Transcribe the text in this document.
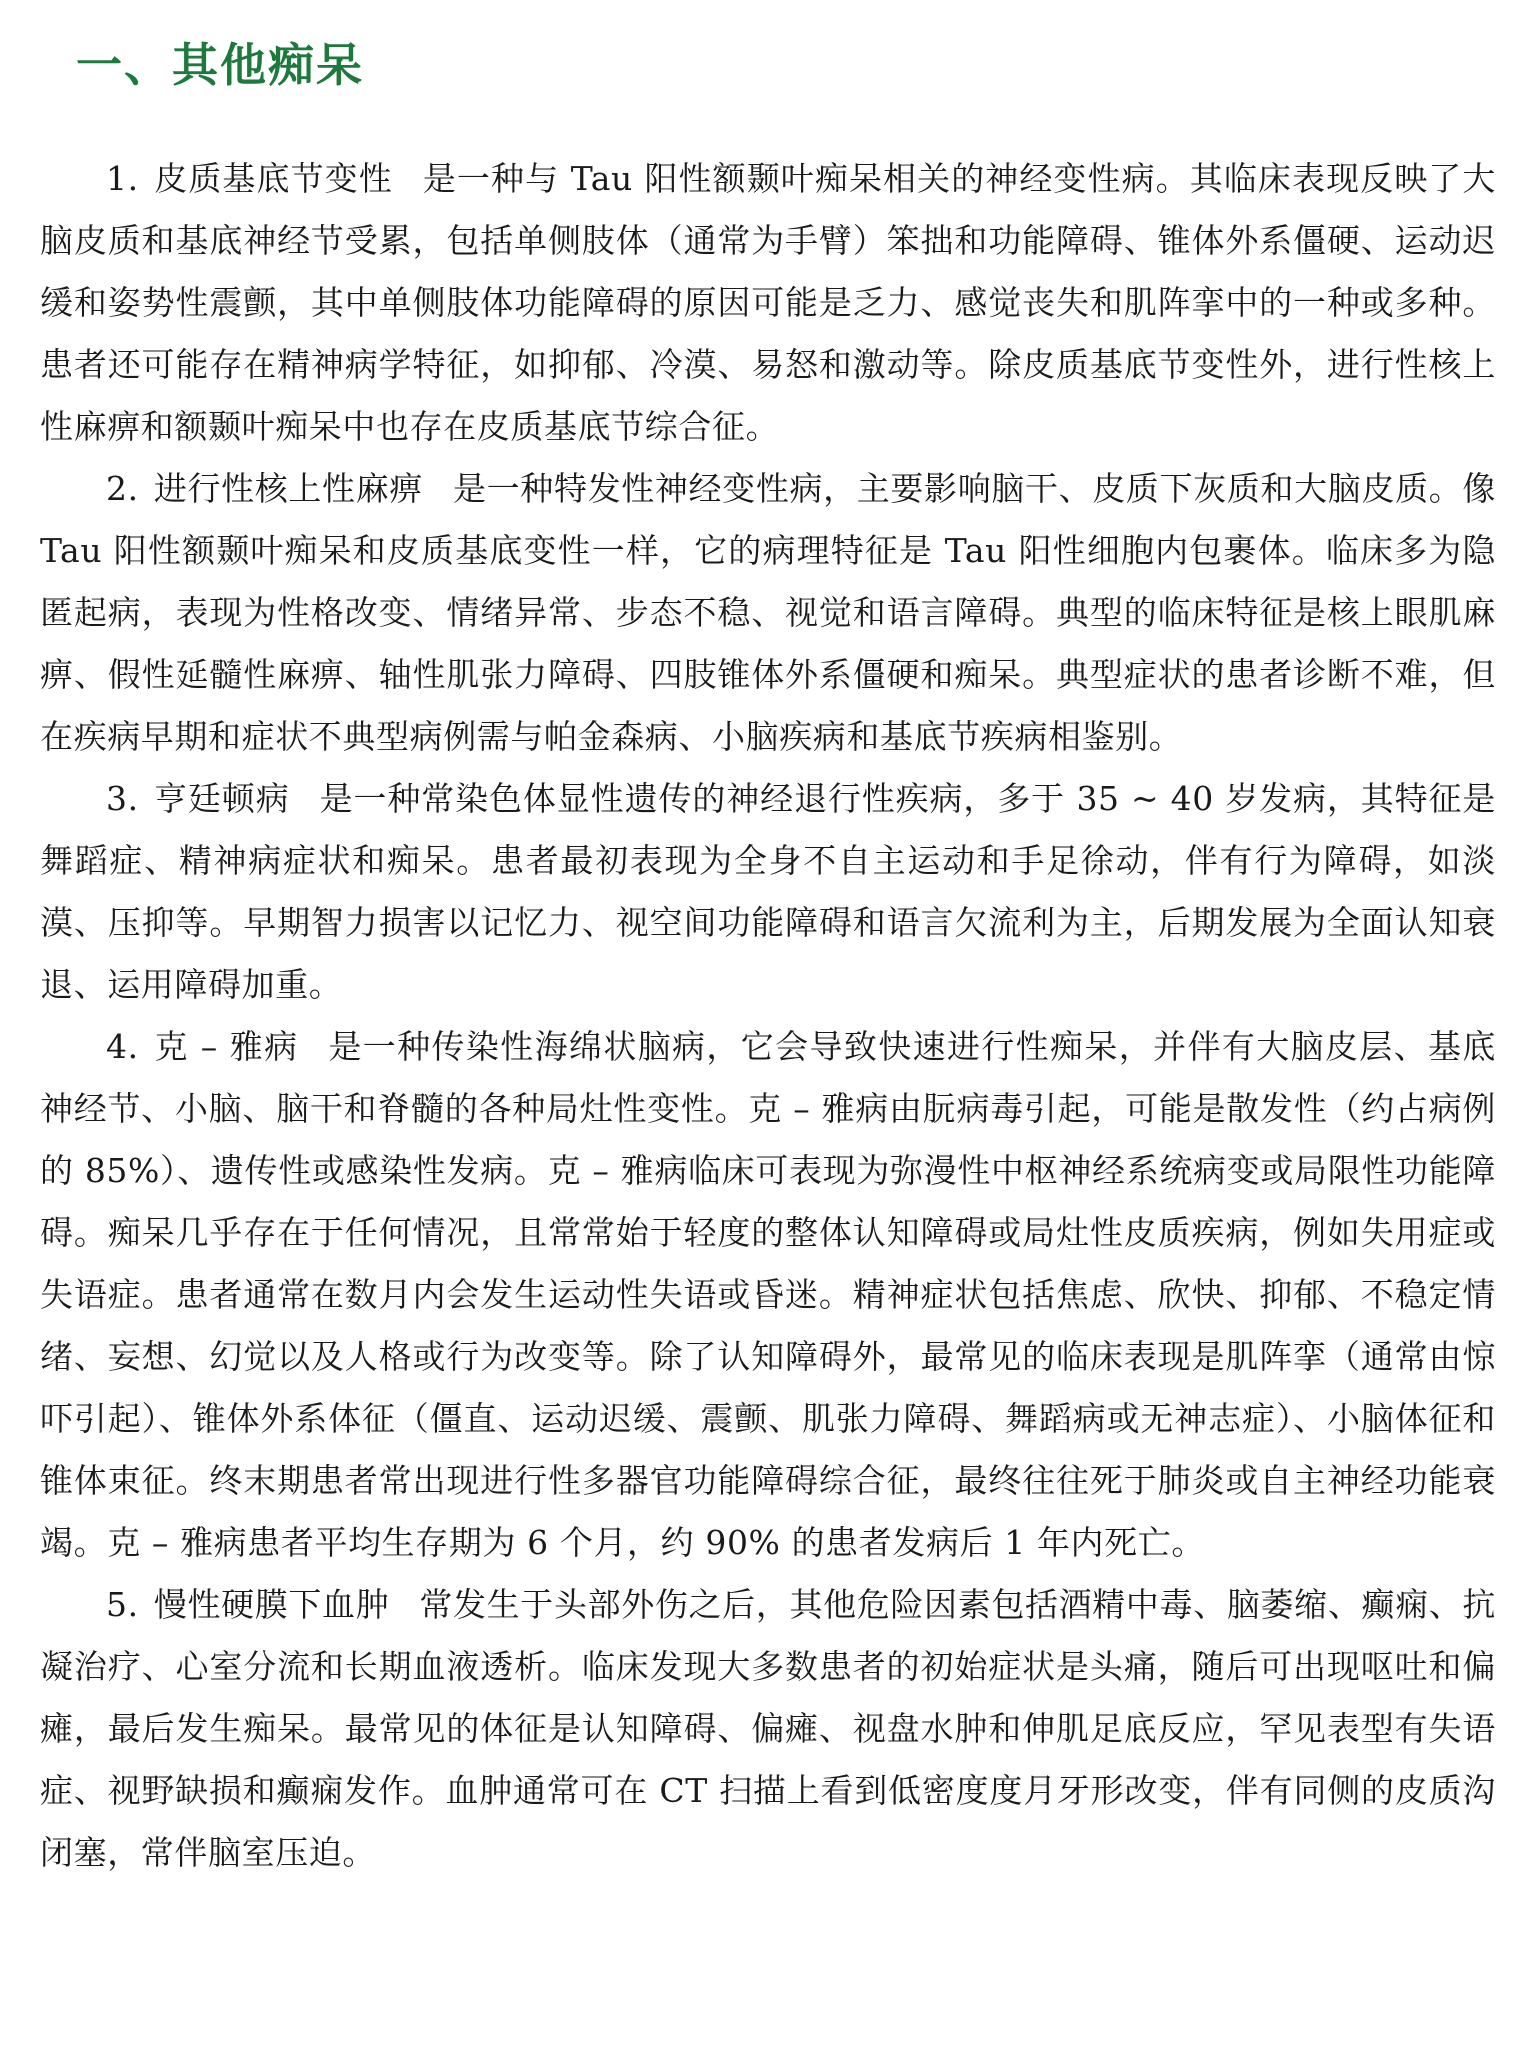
一、其他痴呆

1. 皮质基底节变性 是一种与 Tau 阳性额颞叶痴呆相关的神经变性病。其临床表现反映了大脑皮质和基底神经节受累，包括单侧肢体（通常为手臂）笨拙和功能障碍、锥体外系僵硬、运动迟缓和姿势性震颤，其中单侧肢体功能障碍的原因可能是乏力、感觉丧失和肌阵挛中的一种或多种。患者还可能存在精神病学特征，如抑郁、冷漠、易怒和激动等。除皮质基底节变性外，进行性核上性麻痹和额颞叶痴呆中也存在皮质基底节综合征。

2. 进行性核上性麻痹 是一种特发性神经变性病，主要影响脑干、皮质下灰质和大脑皮质。像 Tau 阳性额颞叶痴呆和皮质基底变性一样，它的病理特征是 Tau 阳性细胞内包裹体。临床多为隐匿起病，表现为性格改变、情绪异常、步态不稳、视觉和语言障碍。典型的临床特征是核上眼肌麻痹、假性延髓性麻痹、轴性肌张力障碍、四肢锥体外系僵硬和痴呆。典型症状的患者诊断不难，但在疾病早期和症状不典型病例需与帕金森病、小脑疾病和基底节疾病相鉴别。

3. 亨廷顿病 是一种常染色体显性遗传的神经退行性疾病，多于 35 ~ 40 岁发病，其特征是舞蹈症、精神病症状和痴呆。患者最初表现为全身不自主运动和手足徐动，伴有行为障碍，如淡漠、压抑等。早期智力损害以记忆力、视空间功能障碍和语言欠流利为主，后期发展为全面认知衰退、运用障碍加重。

4. 克 – 雅病 是一种传染性海绵状脑病，它会导致快速进行性痴呆，并伴有大脑皮层、基底神经节、小脑、脑干和脊髓的各种局灶性变性。克 – 雅病由朊病毒引起，可能是散发性（约占病例的 85%）、遗传性或感染性发病。克 – 雅病临床可表现为弥漫性中枢神经系统病变或局限性功能障碍。痴呆几乎存在于任何情况，且常常始于轻度的整体认知障碍或局灶性皮质疾病，例如失用症或失语症。患者通常在数月内会发生运动性失语或昏迷。精神症状包括焦虑、欣快、抑郁、不稳定情绪、妄想、幻觉以及人格或行为改变等。除了认知障碍外，最常见的临床表现是肌阵挛（通常由惊吓引起）、锥体外系体征（僵直、运动迟缓、震颤、肌张力障碍、舞蹈病或无神志症）、小脑体征和锥体束征。终末期患者常出现进行性多器官功能障碍综合征，最终往往死于肺炎或自主神经功能衰竭。克 – 雅病患者平均生存期为 6 个月，约 90% 的患者发病后 1 年内死亡。

5. 慢性硬膜下血肿 常发生于头部外伤之后，其他危险因素包括酒精中毒、脑萎缩、癫痫、抗凝治疗、心室分流和长期血液透析。临床发现大多数患者的初始症状是头痛，随后可出现呕吐和偏瘫，最后发生痴呆。最常见的体征是认知障碍、偏瘫、视盘水肿和伸肌足底反应，罕见表型有失语症、视野缺损和癫痫发作。血肿通常可在 CT 扫描上看到低密度度月牙形改变，伴有同侧的皮质沟闭塞，常伴脑室压迫。
